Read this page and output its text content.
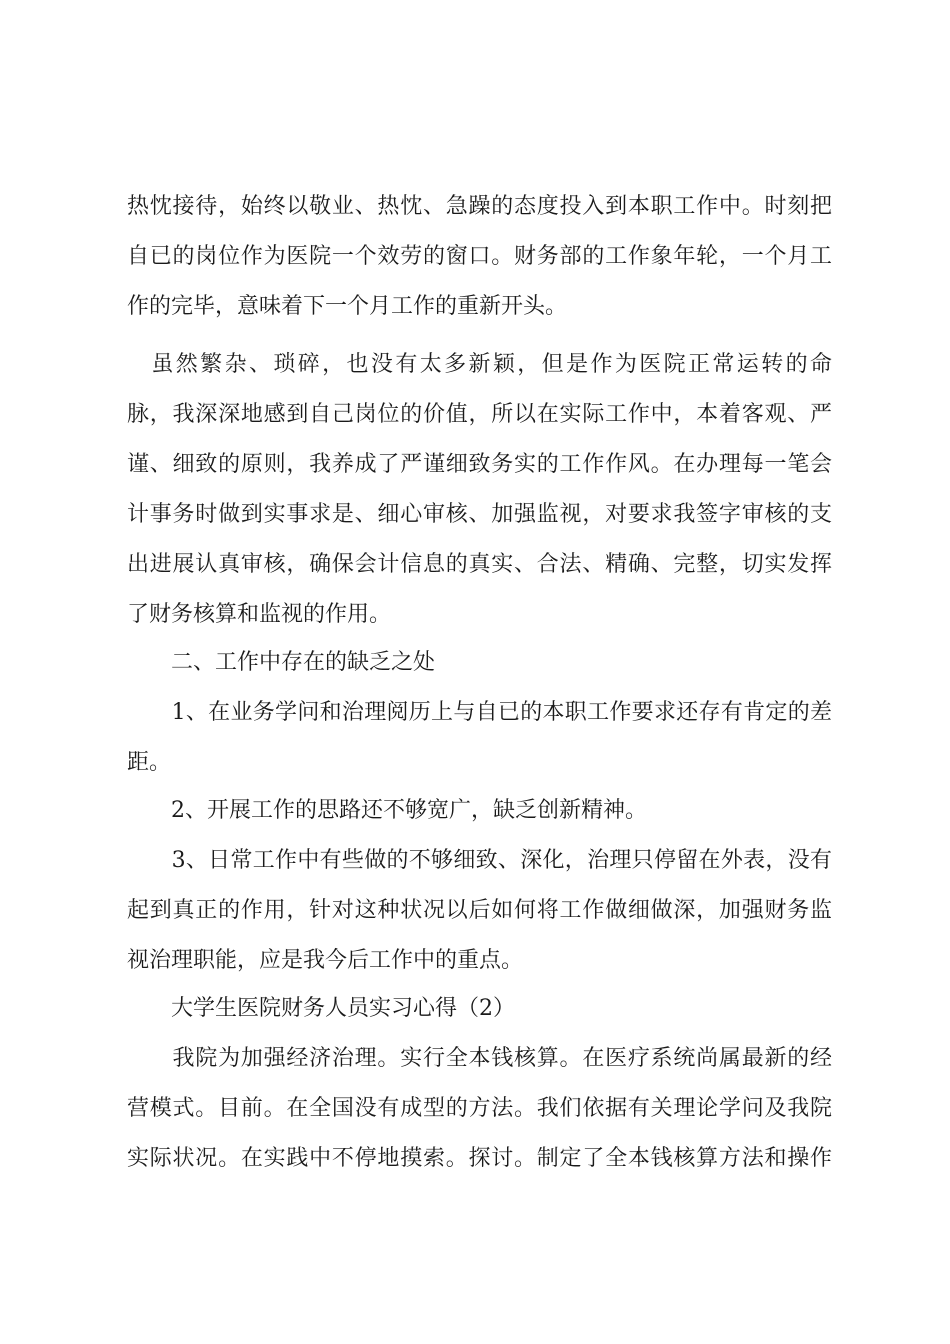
热忱接待，始终以敬业、热忱、急躁的态度投入到本职工作中。时刻把
自已的岗位作为医院一个效劳的窗口。财务部的工作象年轮，一个月工
作的完毕，意味着下一个月工作的重新开头。
　虽然繁杂、琐碎，也没有太多新颖，但是作为医院正常运转的命
脉，我深深地感到自己岗位的价值，所以在实际工作中，本着客观、严
谨、细致的原则，我养成了严谨细致务实的工作作风。在办理每一笔会
计事务时做到实事求是、细心审核、加强监视，对要求我签字审核的支
出进展认真审核，确保会计信息的真实、合法、精确、完整，切实发挥
了财务核算和监视的作用。
　　二、工作中存在的缺乏之处
　　1、在业务学问和治理阅历上与自已的本职工作要求还存有肯定的差
距。
　　2、开展工作的思路还不够宽广，缺乏创新精神。
　　3、日常工作中有些做的不够细致、深化，治理只停留在外表，没有
起到真正的作用，针对这种状况以后如何将工作做细做深，加强财务监
视治理职能，应是我今后工作中的重点。
　　大学生医院财务人员实习心得（2）
　　我院为加强经济治理。实行全本钱核算。在医疗系统尚属最新的经
营模式。目前。在全国没有成型的方法。我们依据有关理论学问及我院
实际状况。在实践中不停地摸索。探讨。制定了全本钱核算方法和操作
